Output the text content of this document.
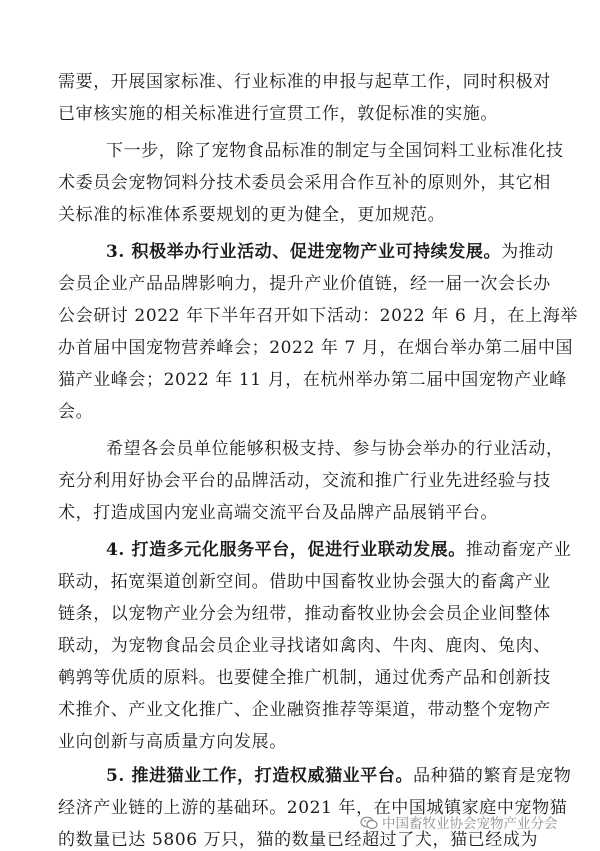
需要，开展国家标准、行业标准的申报与起草工作，同时积极对
已审核实施的相关标准进行宣贯工作，敦促标准的实施。
下一步，除了宠物食品标准的制定与全国饲料工业标准化技
术委员会宠物饲料分技术委员会采用合作互补的原则外，其它相
关标准的标准体系要规划的更为健全，更加规范。
3. 积极举办行业活动、促进宠物产业可持续发展。为推动
会员企业产品品牌影响力，提升产业价值链，经一届一次会长办
公会研讨 2022 年下半年召开如下活动：2022 年 6 月，在上海举
办首届中国宠物营养峰会；2022 年 7 月，在烟台举办第二届中国
猫产业峰会；2022 年 11 月，在杭州举办第二届中国宠物产业峰
会。
希望各会员单位能够积极支持、参与协会举办的行业活动，
充分利用好协会平台的品牌活动，交流和推广行业先进经验与技
术，打造成国内宠业高端交流平台及品牌产品展销平台。
4. 打造多元化服务平台，促进行业联动发展。推动畜宠产业
联动，拓宽渠道创新空间。借助中国畜牧业协会强大的畜禽产业
链条，以宠物产业分会为纽带，推动畜牧业协会会员企业间整体
联动，为宠物食品会员企业寻找诸如禽肉、牛肉、鹿肉、兔肉、
鹌鹑等优质的原料。也要健全推广机制，通过优秀产品和创新技
术推介、产业文化推广、企业融资推荐等渠道，带动整个宠物产
业向创新与高质量方向发展。
5. 推进猫业工作，打造权威猫业平台。品种猫的繁育是宠物
经济产业链的上游的基础环。2021 年，在中国城镇家庭中宠物猫
的数量已达 5806 万只，猫的数量已经超过了犬，猫已经成为
中国畜牧业协会宠物产业分会
